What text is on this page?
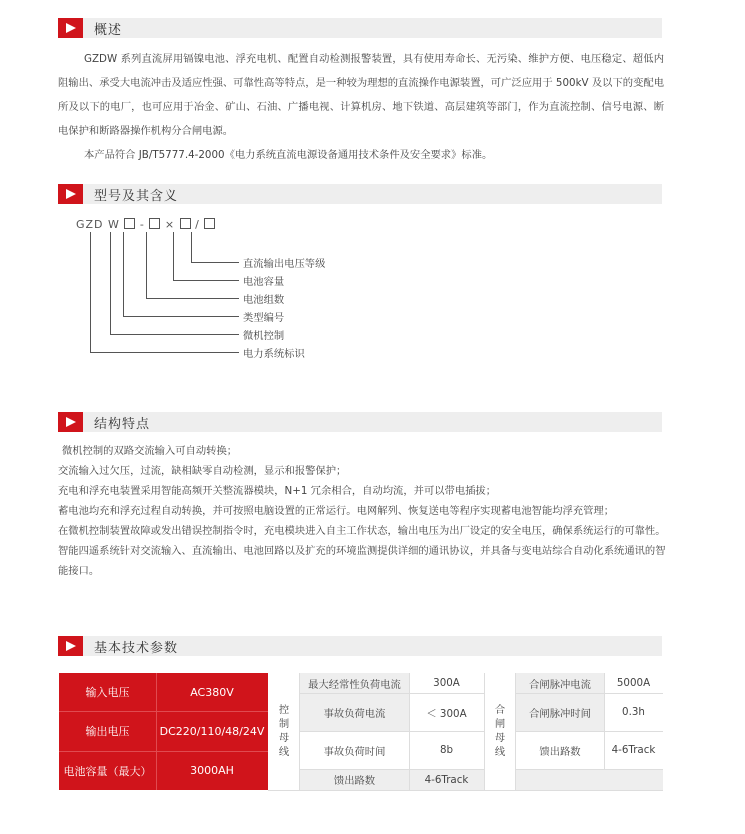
概述

GZDW 系列直流屏用镉镍电池、浮充电机、配置自动检测报警装置，具有使用寿命长、无污染、维护方便、电压稳定、超低内阻输出、承受大电流冲击及适应性强、可靠性高等特点，是一种较为理想的直流操作电源装置，可广泛应用于 500kV 及以下的变配电所及以下的电厂，也可应用于冶金、矿山、石油、广播电视、计算机房、地下铁道、高层建筑等部门，作为直流控制、信号电源、断电保护和断路器操作机构分合闸电源。

本产品符合 JB/T5777.4-2000《电力系统直流电源设备通用技术条件及安全要求》标准。

型号及其含义
GZD W - × /
直流输出电压等级
电池容量
电池组数
类型编号
微机控制
电力系统标识
结构特点
微机控制的双路交流输入可自动转换；
交流输入过欠压，过流，缺相缺零自动检测，显示和报警保护；
充电和浮充电装置采用智能高频开关整流器模块，N+1 冗余相合，自动均流，并可以带电插拔；
蓄电池均充和浮充过程自动转换，并可按照电脑设置的正常运行。电网解列、恢复送电等程序实现蓄电池智能均浮充管理；
在微机控制装置故障或发出错误控制指令时，充电模块进入自主工作状态，输出电压为出厂设定的安全电压，确保系统运行的可靠性。
智能四遥系统针对交流输入、直流输出、电池回路以及扩充的环境监测提供详细的通讯协议，并具备与变电站综合自动化系统通讯的智能接口。
基本技术参数
输入电压	AC380V
输出电压	DC220/110/48/24V
电池容量（最大）	3000AH
控制母线
最大经常性负荷电流	300A
事故负荷电流	＜ 300A
事故负荷时间	8b
馈出路数	4-6Track
合闸母线
合闸脉冲电流	5000A
合闸脉冲时间	0.3h
馈出路数	4-6Track
